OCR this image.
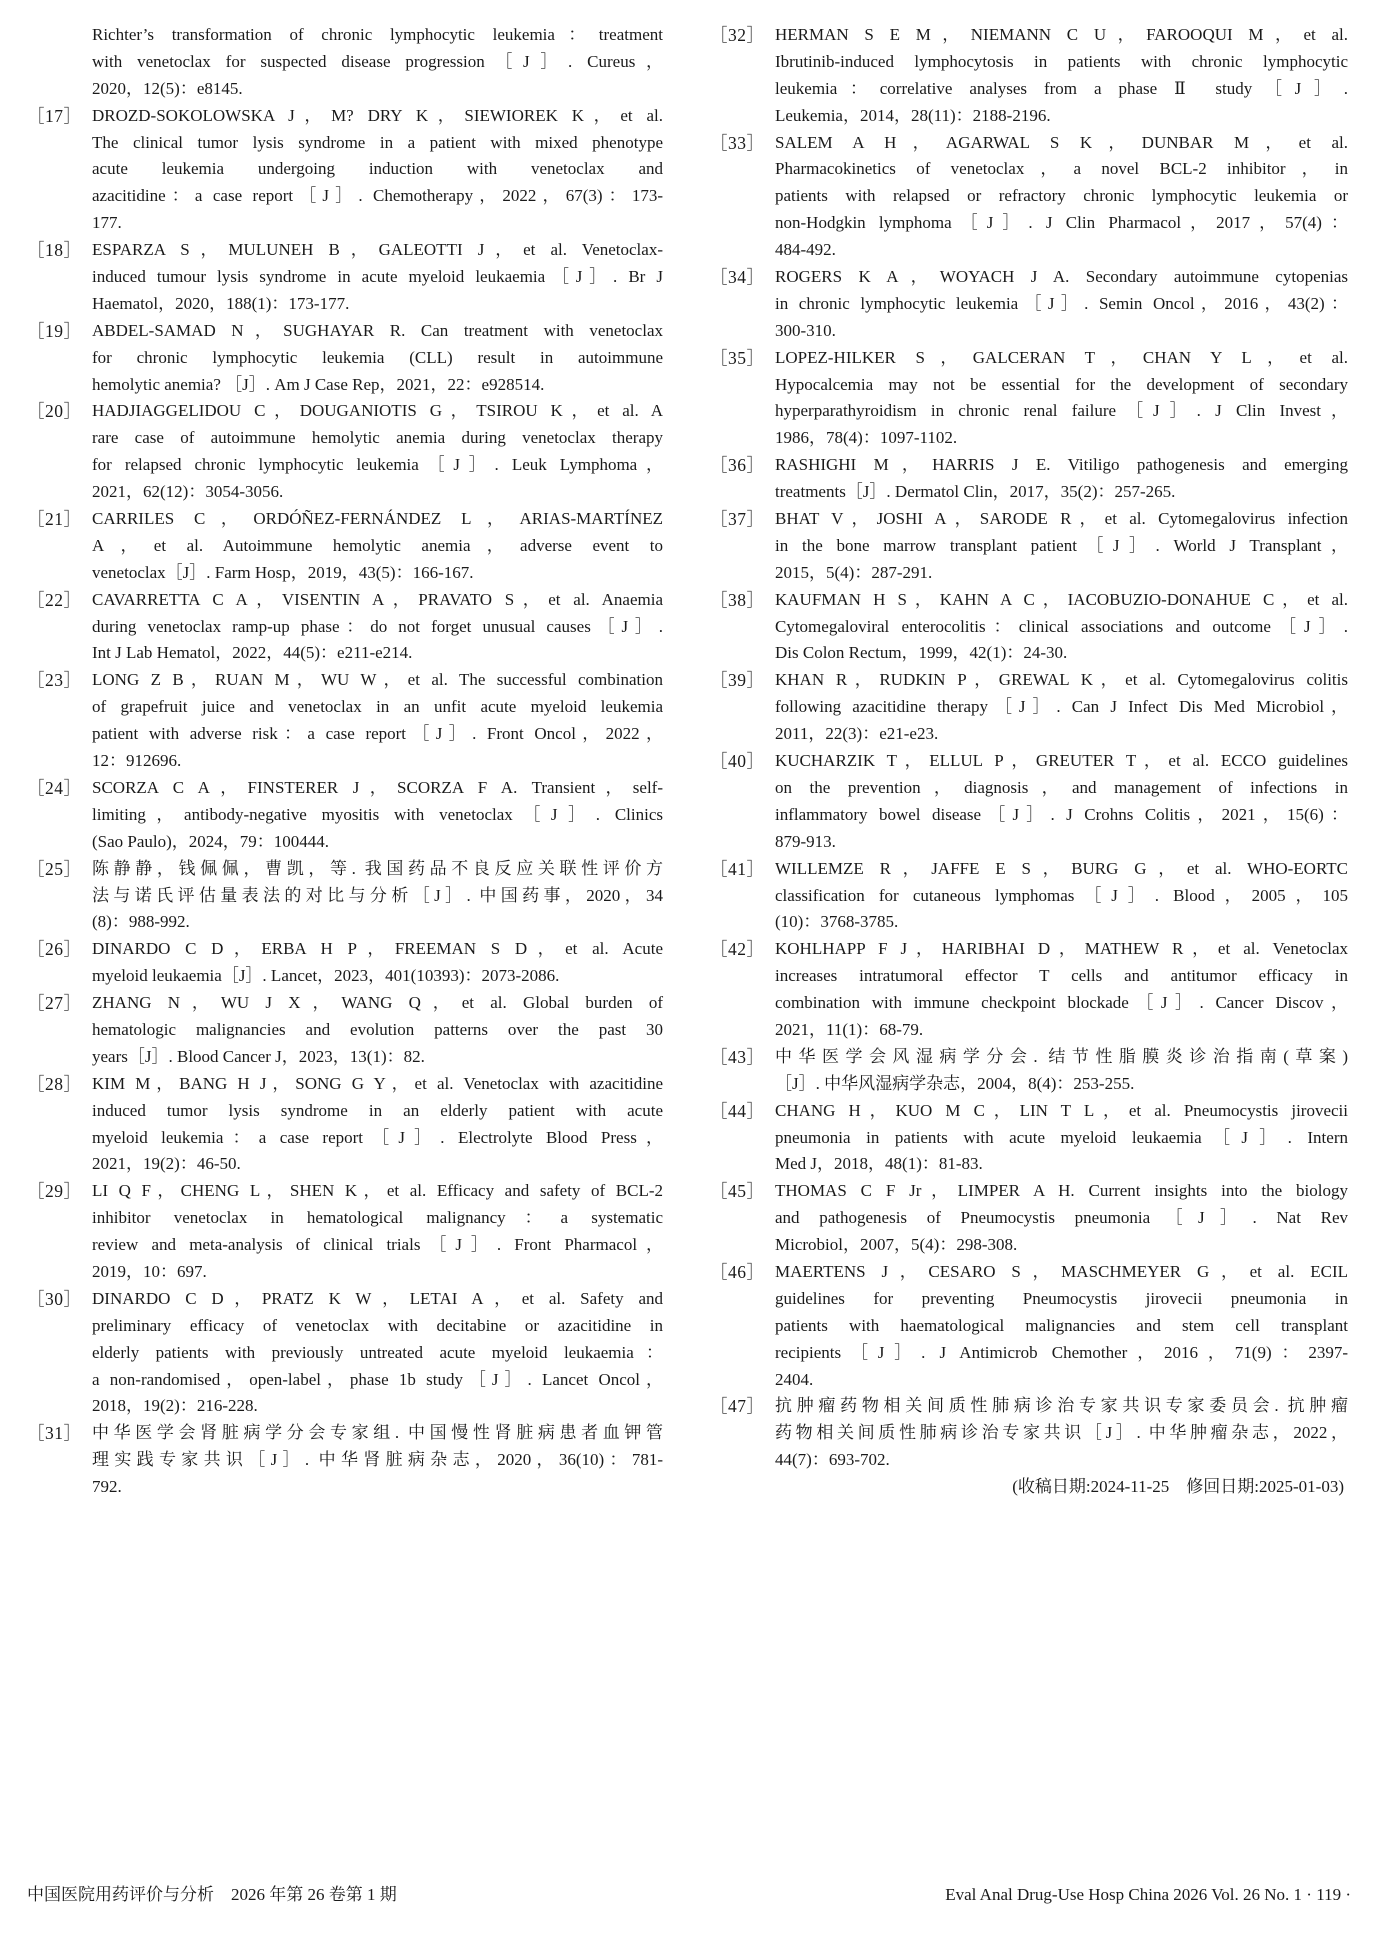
Richter’s transformation of chronic lymphocytic leukemia：treatment
with venetoclax for suspected disease progression［J］. Cureus，
2020，12(5)：e8145.
［17］ DROZD-SOKOLOWSKA J，M? DRY K，SIEWIOREK K，et al.
The clinical tumor lysis syndrome in a patient with mixed phenotype
acute leukemia undergoing induction with venetoclax and
azacitidine：a case report［J］. Chemotherapy，2022，67(3)：173-
177.
［18］ ESPARZA S，MULUNEH B，GALEOTTI J，et al. Venetoclax-
induced tumour lysis syndrome in acute myeloid leukaemia［J］. Br J
Haematol，2020，188(1)：173-177.
［19］ ABDEL-SAMAD N，SUGHAYAR R. Can treatment with venetoclax
for chronic lymphocytic leukemia (CLL) result in autoimmune
hemolytic anemia? ［J］. Am J Case Rep，2021，22：e928514.
［20］ HADJIAGGELIDOU C，DOUGANIOTIS G，TSIROU K，et al. A
rare case of autoimmune hemolytic anemia during venetoclax therapy
for relapsed chronic lymphocytic leukemia［J］. Leuk Lymphoma，
2021，62(12)：3054-3056.
［21］ CARRILES C，ORDÓÑEZ-FERNÁNDEZ L，ARIAS-MARTÍNEZ
A，et al. Autoimmune hemolytic anemia，adverse event to
venetoclax［J］. Farm Hosp，2019，43(5)：166-167.
［22］ CAVARRETTA C A，VISENTIN A，PRAVATO S，et al. Anaemia
during venetoclax ramp-up phase：do not forget unusual causes［J］.
Int J Lab Hematol，2022，44(5)：e211-e214.
［23］ LONG Z B，RUAN M，WU W，et al. The successful combination
of grapefruit juice and venetoclax in an unfit acute myeloid leukemia
patient with adverse risk：a case report［J］. Front Oncol，2022，
12：912696.
［24］ SCORZA C A，FINSTERER J，SCORZA F A. Transient，self-
limiting，antibody-negative myositis with venetoclax［J］. Clinics
(Sao Paulo)，2024，79：100444.
［25］ 陈静静，钱佩佩，曹凯，等. 我国药品不良反应关联性评价方
法与诺氏评估量表法的对比与分析［J］. 中国药事，2020，34
(8)：988-992.
［26］ DINARDO C D，ERBA H P，FREEMAN S D，et al. Acute
myeloid leukaemia［J］. Lancet，2023，401(10393)：2073-2086.
［27］ ZHANG N，WU J X，WANG Q，et al. Global burden of
hematologic malignancies and evolution patterns over the past 30
years［J］. Blood Cancer J，2023，13(1)：82.
［28］ KIM M，BANG H J，SONG G Y，et al. Venetoclax with azacitidine
induced tumor lysis syndrome in an elderly patient with acute
myeloid leukemia：a case report［J］. Electrolyte Blood Press，
2021，19(2)：46-50.
［29］ LI Q F，CHENG L，SHEN K，et al. Efficacy and safety of BCL-2
inhibitor venetoclax in hematological malignancy：a systematic
review and meta-analysis of clinical trials［J］. Front Pharmacol，
2019，10：697.
［30］ DINARDO C D，PRATZ K W，LETAI A，et al. Safety and
preliminary efficacy of venetoclax with decitabine or azacitidine in
elderly patients with previously untreated acute myeloid leukaemia：
a non-randomised，open-label，phase 1b study［J］. Lancet Oncol，
2018，19(2)：216-228.
［31］ 中华医学会肾脏病学分会专家组. 中国慢性肾脏病患者血钾管
理实践专家共识［J］. 中华肾脏病杂志，2020，36(10)：781-
792.
［32］ HERMAN S E M，NIEMANN C U，FAROOQUI M，et al.
Ibrutinib-induced lymphocytosis in patients with chronic lymphocytic
leukemia：correlative analyses from a phase Ⅱ study［J］.
Leukemia，2014，28(11)：2188-2196.
［33］ SALEM A H，AGARWAL S K，DUNBAR M，et al.
Pharmacokinetics of venetoclax，a novel BCL-2 inhibitor，in
patients with relapsed or refractory chronic lymphocytic leukemia or
non-Hodgkin lymphoma［J］. J Clin Pharmacol，2017，57(4)：
484-492.
［34］ ROGERS K A，WOYACH J A. Secondary autoimmune cytopenias
in chronic lymphocytic leukemia［J］. Semin Oncol，2016，43(2)：
300-310.
［35］ LOPEZ-HILKER S，GALCERAN T，CHAN Y L，et al.
Hypocalcemia may not be essential for the development of secondary
hyperparathyroidism in chronic renal failure［J］. J Clin Invest，
1986，78(4)：1097-1102.
［36］ RASHIGHI M，HARRIS J E. Vitiligo pathogenesis and emerging
treatments［J］. Dermatol Clin，2017，35(2)：257-265.
［37］ BHAT V，JOSHI A，SARODE R，et al. Cytomegalovirus infection
in the bone marrow transplant patient［J］. World J Transplant，
2015，5(4)：287-291.
［38］ KAUFMAN H S，KAHN A C，IACOBUZIO-DONAHUE C，et al.
Cytomegaloviral enterocolitis：clinical associations and outcome［J］.
Dis Colon Rectum，1999，42(1)：24-30.
［39］ KHAN R，RUDKIN P，GREWAL K，et al. Cytomegalovirus colitis
following azacitidine therapy［J］. Can J Infect Dis Med Microbiol，
2011，22(3)：e21-e23.
［40］ KUCHARZIK T，ELLUL P，GREUTER T，et al. ECCO guidelines
on the prevention，diagnosis，and management of infections in
inflammatory bowel disease［J］. J Crohns Colitis，2021，15(6)：
879-913.
［41］ WILLEMZE R，JAFFE E S，BURG G，et al. WHO-EORTC
classification for cutaneous lymphomas［J］. Blood，2005，105
(10)：3768-3785.
［42］ KOHLHAPP F J，HARIBHAI D，MATHEW R，et al. Venetoclax
increases intratumoral effector T cells and antitumor efficacy in
combination with immune checkpoint blockade［J］. Cancer Discov，
2021，11(1)：68-79.
［43］ 中华医学会风湿病学分会. 结节性脂膜炎诊治指南(草案)
［J］. 中华风湿病学杂志，2004，8(4)：253-255.
［44］ CHANG H，KUO M C，LIN T L，et al. Pneumocystis jirovecii
pneumonia in patients with acute myeloid leukaemia［J］. Intern
Med J，2018，48(1)：81-83.
［45］ THOMAS C F Jr，LIMPER A H. Current insights into the biology
and pathogenesis of Pneumocystis pneumonia［J］. Nat Rev
Microbiol，2007，5(4)：298-308.
［46］ MAERTENS J，CESARO S，MASCHMEYER G，et al. ECIL
guidelines for preventing Pneumocystis jirovecii pneumonia in
patients with haematological malignancies and stem cell transplant
recipients［J］. J Antimicrob Chemother，2016，71(9)：2397-
2404.
［47］ 抗肿瘤药物相关间质性肺病诊治专家共识专家委员会. 抗肿瘤
药物相关间质性肺病诊治专家共识［J］. 中华肿瘤杂志，2022，
44(7)：693-702.
(收稿日期:2024-11-25　修回日期:2025-01-03)
中国医院用药评价与分析　2026 年第 26 卷第 1 期	Eval Anal Drug-Use Hosp China 2026 Vol. 26 No. 1 · 119 ·
